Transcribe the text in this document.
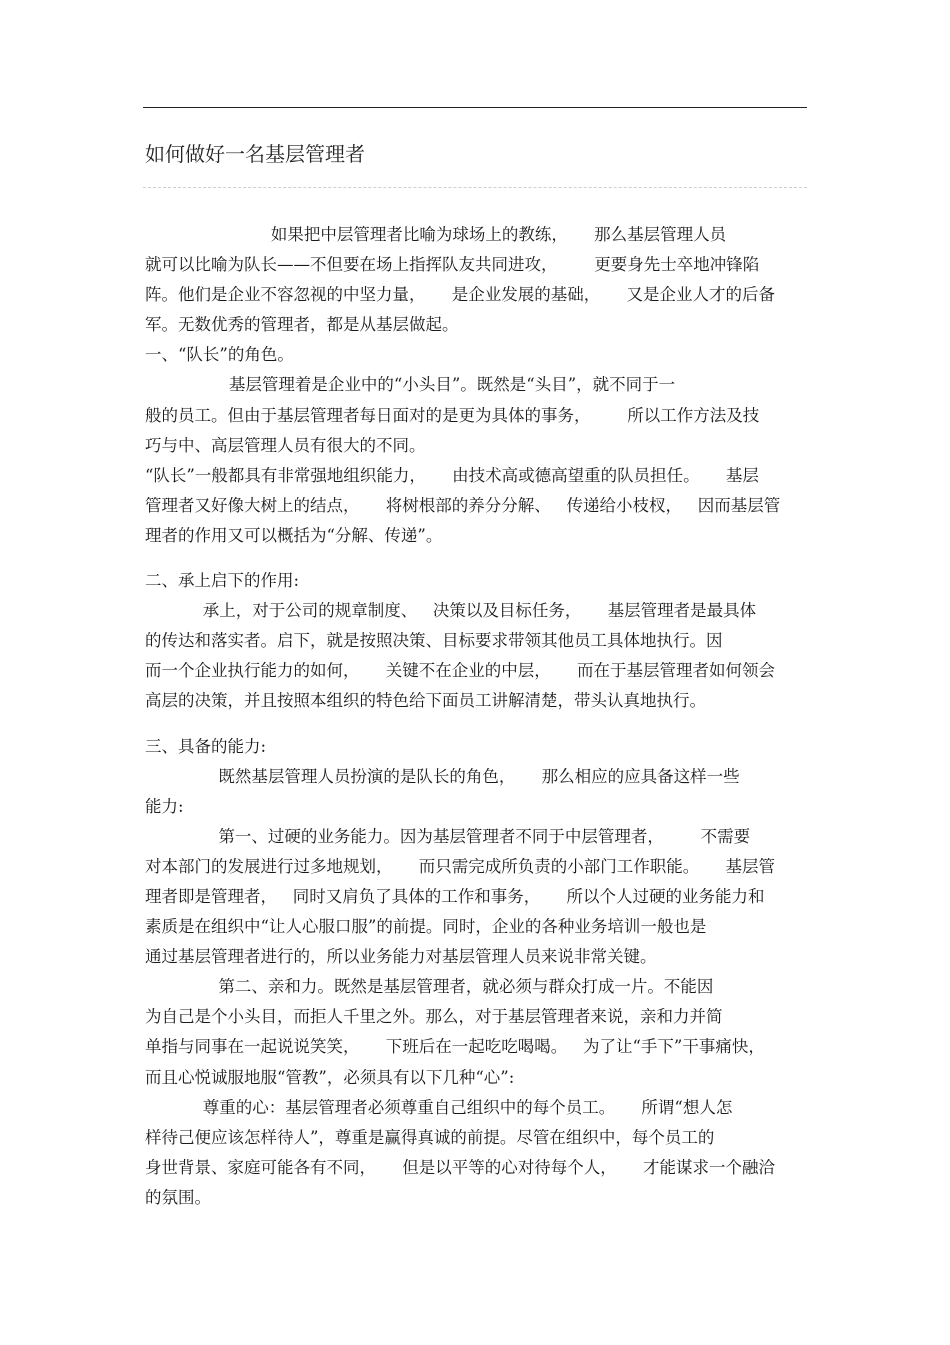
如何做好一名基层管理者
如果把中层管理者比喻为球场上的教练，     那么基层管理人员
就可以比喻为队长——不但要在场上指挥队友共同进攻，       更要身先士卒地冲锋陷
阵。他们是企业不容忽视的中坚力量，     是企业发展的基础，     又是企业人才的后备
军。无数优秀的管理者，都是从基层做起。
一、“队长”的角色。
基层管理着是企业中的“小头目”。既然是“头目”，就不同于一
般的员工。但由于基层管理者每日面对的是更为具体的事务，       所以工作方法及技
巧与中、高层管理人员有很大的不同。
“队长”一般都具有非常强地组织能力，     由技术高或德高望重的队员担任。     基层
管理者又好像大树上的结点，     将树根部的养分分解、   传递给小枝杈，   因而基层管
理者的作用又可以概括为“分解、传递”。
二、承上启下的作用:
承上，对于公司的规章制度、   决策以及目标任务，     基层管理者是最具体
的传达和落实者。启下，就是按照决策、目标要求带领其他员工具体地执行。因
而一个企业执行能力的如何，     关键不在企业的中层，     而在于基层管理者如何领会
高层的决策，并且按照本组织的特色给下面员工讲解清楚，带头认真地执行。
三、具备的能力:
既然基层管理人员扮演的是队长的角色，     那么相应的应具备这样一些
能力:
第一、过硬的业务能力。因为基层管理者不同于中层管理者，       不需要
对本部门的发展进行过多地规划，     而只需完成所负责的小部门工作职能。     基层管
理者即是管理者，   同时又肩负了具体的工作和事务，     所以个人过硬的业务能力和
素质是在组织中“让人心服口服”的前提。同时，企业的各种业务培训一般也是
通过基层管理者进行的，所以业务能力对基层管理人员来说非常关键。
第二、亲和力。既然是基层管理者，就必须与群众打成一片。不能因
为自己是个小头目，而拒人千里之外。那么，对于基层管理者来说，亲和力并简
单指与同事在一起说说笑笑，     下班后在一起吃吃喝喝。   为了让“手下”干事痛快，
而且心悦诚服地服“管教”，必须具有以下几种“心”:
尊重的心：基层管理者必须尊重自己组织中的每个员工。     所谓“想人怎
样待己便应该怎样待人”，尊重是赢得真诚的前提。尽管在组织中，每个员工的
身世背景、家庭可能各有不同，     但是以平等的心对待每个人，     才能谋求一个融洽
的氛围。
